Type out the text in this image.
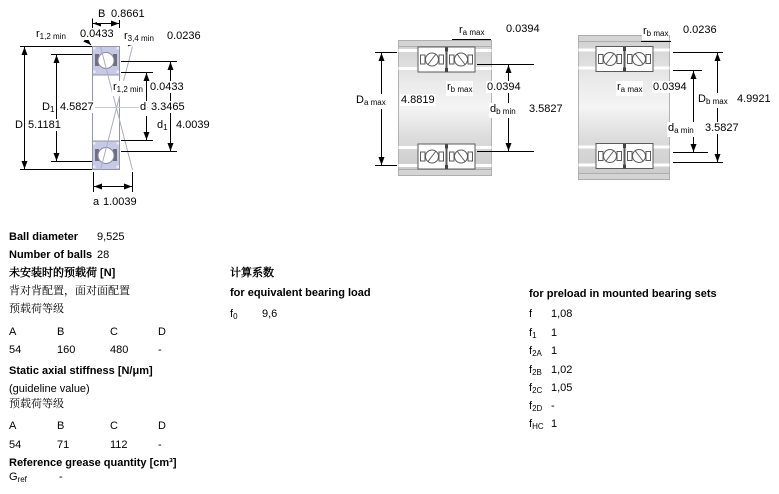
B 0.8661
$r_{1,2 min}$ 0.0433 $r_{3,4 min}$ 0.0236
$r_{1,2 min}$ 0.0433
$D_1$ 4.5827
D 5.1181
d 3.3465
$d_1$ 4.0039
a 1.0039
$r_{a max}$ 0.0394
$D_{a max}$ 4.8819
$r_{b max}$ 0.0394
$d_{b min}$ 3.5827
$r_{b max}$ 0.0236
$r_{a max}$ 0.0394
$D_{b max}$ 4.9921
$d_{a min}$ 3.5827
Ball diameter 9,525
Number of balls 28
未安装时的预载荷 [N]
背对背配置，面对面配置
预载荷等级
A	B	C	D
54	160	480	-
Static axial stiffness [N/μm]
(guideline value)
预载荷等级
A	B	C	D
54	71	112	-
Reference grease quantity [cm³]
$G_{ref}$	-
计算系数
for equivalent bearing load
$f_0$ 9,6
for preload in mounted bearing sets
f 1,08
$f_1$ 1
$f_{2A}$ 1
$f_{2B}$ 1,02
$f_{2C}$ 1,05
$f_{2D}$ -
$f_{HC}$ 1
